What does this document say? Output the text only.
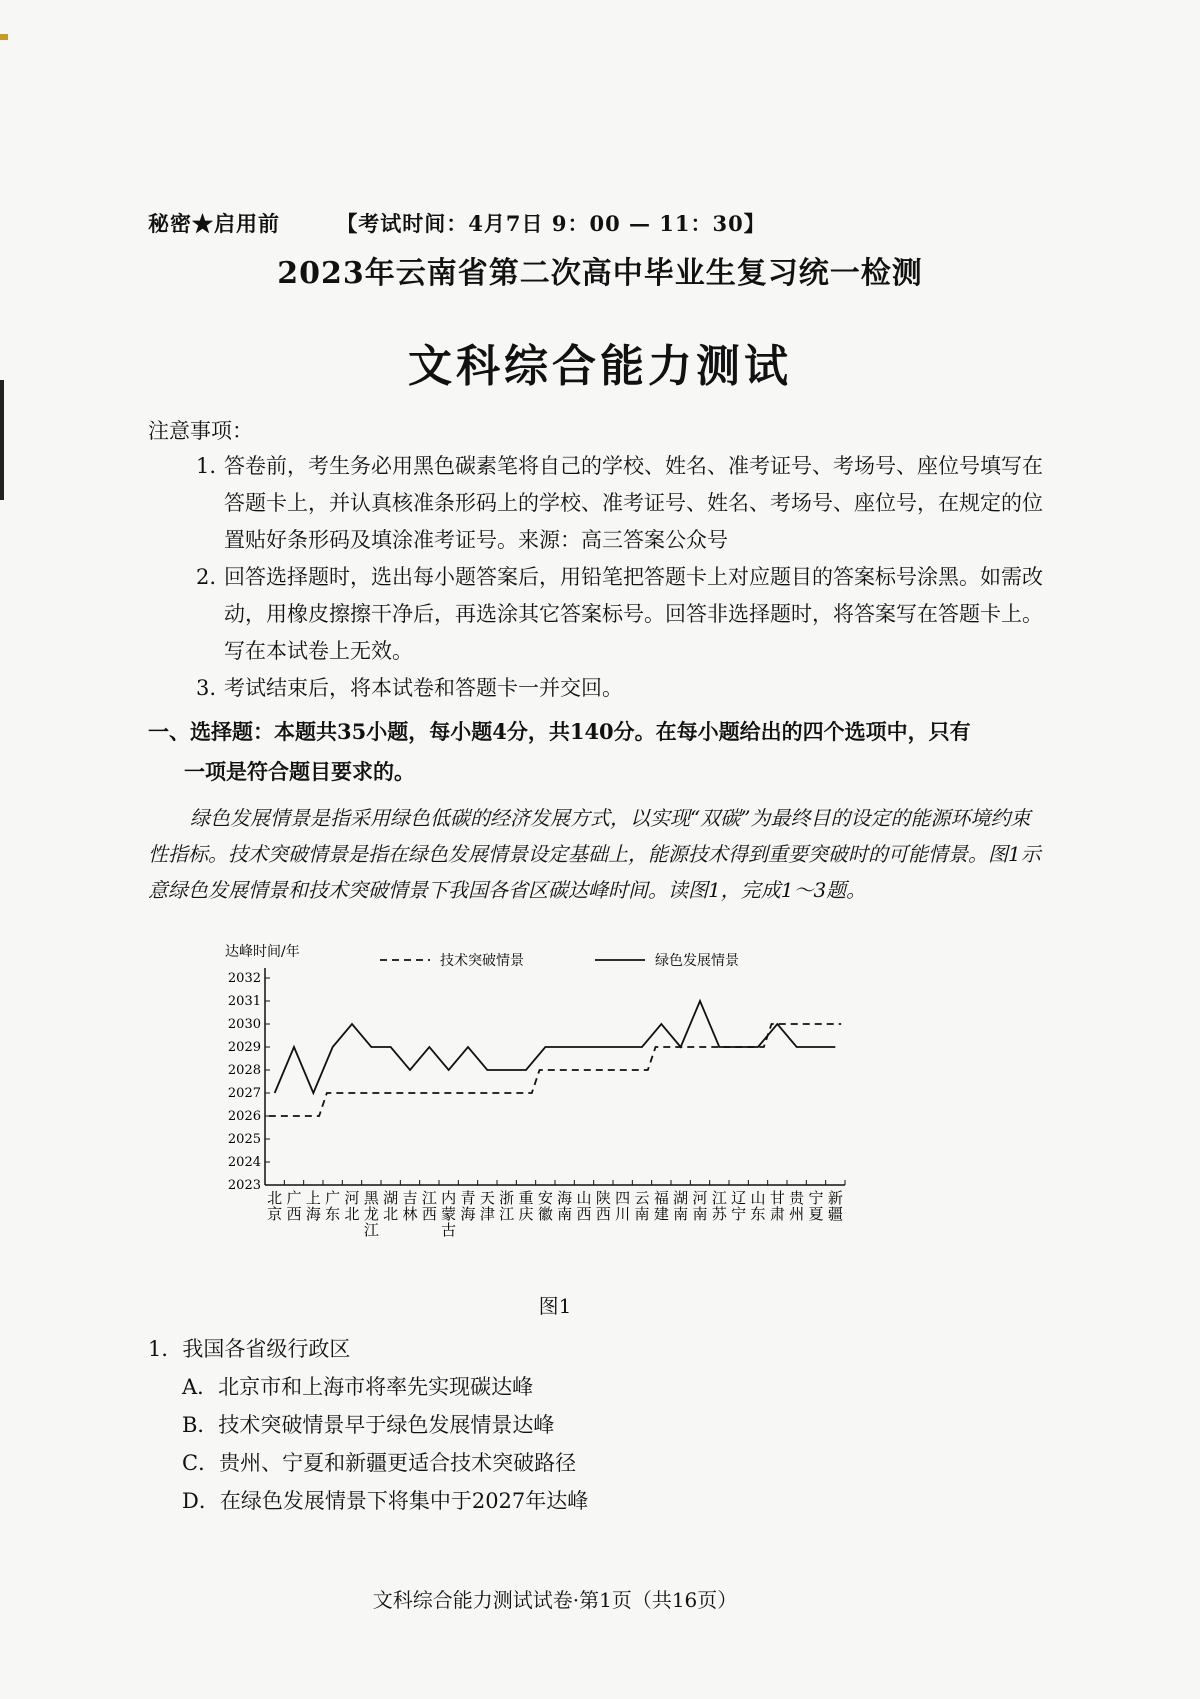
秘密★启用前	【考试时间：4月7日 9：00 — 11：30】
2023年云南省第二次高中毕业生复习统一检测
文科综合能力测试
注意事项：
1. 答卷前，考生务必用黑色碳素笔将自己的学校、姓名、准考证号、考场号、座位号填写在答题卡上，并认真核准条形码上的学校、准考证号、姓名、考场号、座位号，在规定的位置贴好条形码及填涂准考证号。来源：高三答案公众号
2. 回答选择题时，选出每小题答案后，用铅笔把答题卡上对应题目的答案标号涂黑。如需改动，用橡皮擦擦干净后，再选涂其它答案标号。回答非选择题时，将答案写在答题卡上。写在本试卷上无效。
3. 考试结束后，将本试卷和答题卡一并交回。
一、选择题：本题共35小题，每小题4分，共140分。在每小题给出的四个选项中，只有
一项是符合题目要求的。
绿色发展情景是指采用绿色低碳的经济发展方式，以实现“双碳”为最终目的设定的能源环境约束性指标。技术突破情景是指在绿色发展情景设定基础上，能源技术得到重要突破时的可能情景。图1示意绿色发展情景和技术突破情景下我国各省区碳达峰时间。读图1，完成1～3题。
达峰时间/年
2023
2024
2025
2026
2027
2028
2029
2030
2031
2032
北京
广西
上海
广东
河北
黑龙江
湖北
吉林
江西
内蒙古
青海
天津
浙江
重庆
安徽
海南
山西
陕西
四川
云南
福建
湖南
河南
江苏
辽宁
山东
甘肃
贵州
宁夏
新疆
技术突破情景	绿色发展情景
图1
1．我国各省级行政区
A．北京市和上海市将率先实现碳达峰
B．技术突破情景早于绿色发展情景达峰
C．贵州、宁夏和新疆更适合技术突破路径
D．在绿色发展情景下将集中于2027年达峰
文科综合能力测试试卷·第1页（共16页）
